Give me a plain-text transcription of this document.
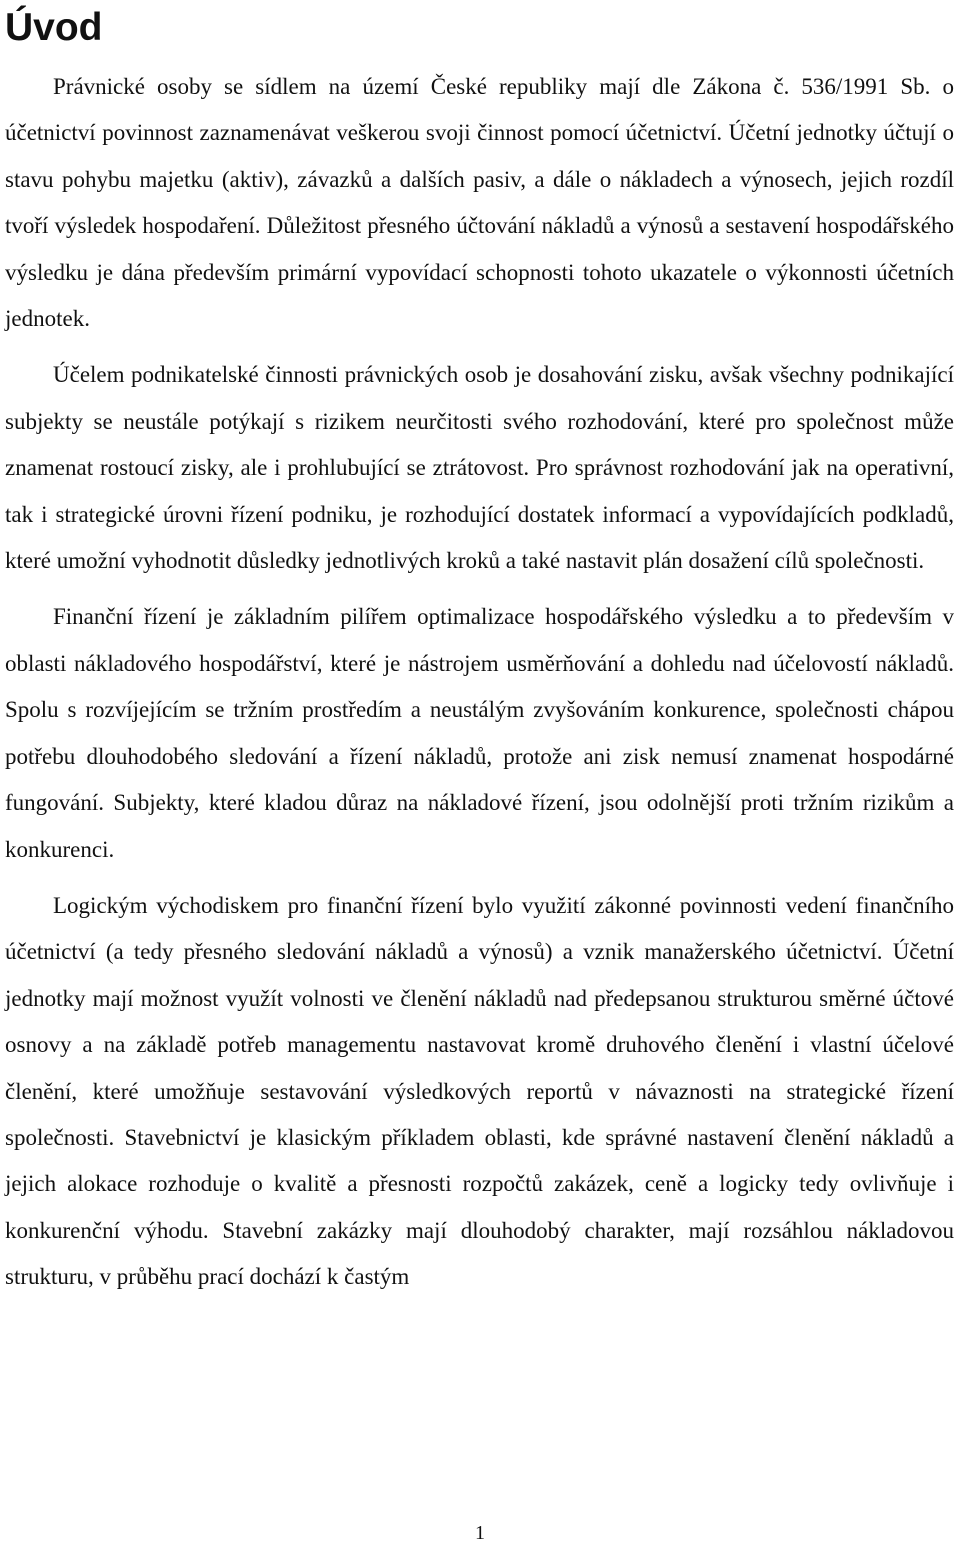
Úvod

Právnické osoby se sídlem na území České republiky mají dle Zákona č. 536/1991 Sb. o účetnictví povinnost zaznamenávat veškerou svoji činnost pomocí účetnictví. Účetní jednotky účtují o stavu pohybu majetku (aktiv), závazků a dalších pasiv, a dále o nákladech a výnosech, jejich rozdíl tvoří výsledek hospodaření. Důležitost přesného účtování nákladů a výnosů a sestavení hospodářského výsledku je dána především primární vypovídací schopnosti tohoto ukazatele o výkonnosti účetních jednotek.

Účelem podnikatelské činnosti právnických osob je dosahování zisku, avšak všechny podnikající subjekty se neustále potýkají s rizikem neurčitosti svého rozhodování, které pro společnost může znamenat rostoucí zisky, ale i prohlubující se ztrátovost. Pro správnost rozhodování jak na operativní, tak i strategické úrovni řízení podniku, je rozhodující dostatek informací a vypovídajících podkladů, které umožní vyhodnotit důsledky jednotlivých kroků a také nastavit plán dosažení cílů společnosti.

Finanční řízení je základním pilířem optimalizace hospodářského výsledku a to především v oblasti nákladového hospodářství, které je nástrojem usměrňování a dohledu nad účelovostí nákladů. Spolu s rozvíjejícím se tržním prostředím a neustálým zvyšováním konkurence, společnosti chápou potřebu dlouhodobého sledování a řízení nákladů, protože ani zisk nemusí znamenat hospodárné fungování. Subjekty, které kladou důraz na nákladové řízení, jsou odolnější proti tržním rizikům a konkurenci.

Logickým východiskem pro finanční řízení bylo využití zákonné povinnosti vedení finančního účetnictví (a tedy přesného sledování nákladů a výnosů) a vznik manažerského účetnictví. Účetní jednotky mají možnost využít volnosti ve členění nákladů nad předepsanou strukturou směrné účtové osnovy a na základě potřeb managementu nastavovat kromě druhového členění i vlastní účelové členění, které umožňuje sestavování výsledkových reportů v návaznosti na strategické řízení společnosti. Stavebnictví je klasickým příkladem oblasti, kde správné nastavení členění nákladů a jejich alokace rozhoduje o kvalitě a přesnosti rozpočtů zakázek, ceně a logicky tedy ovlivňuje i konkurenční výhodu. Stavební zakázky mají dlouhodobý charakter, mají rozsáhlou nákladovou strukturu, v průběhu prací dochází k častým

1
